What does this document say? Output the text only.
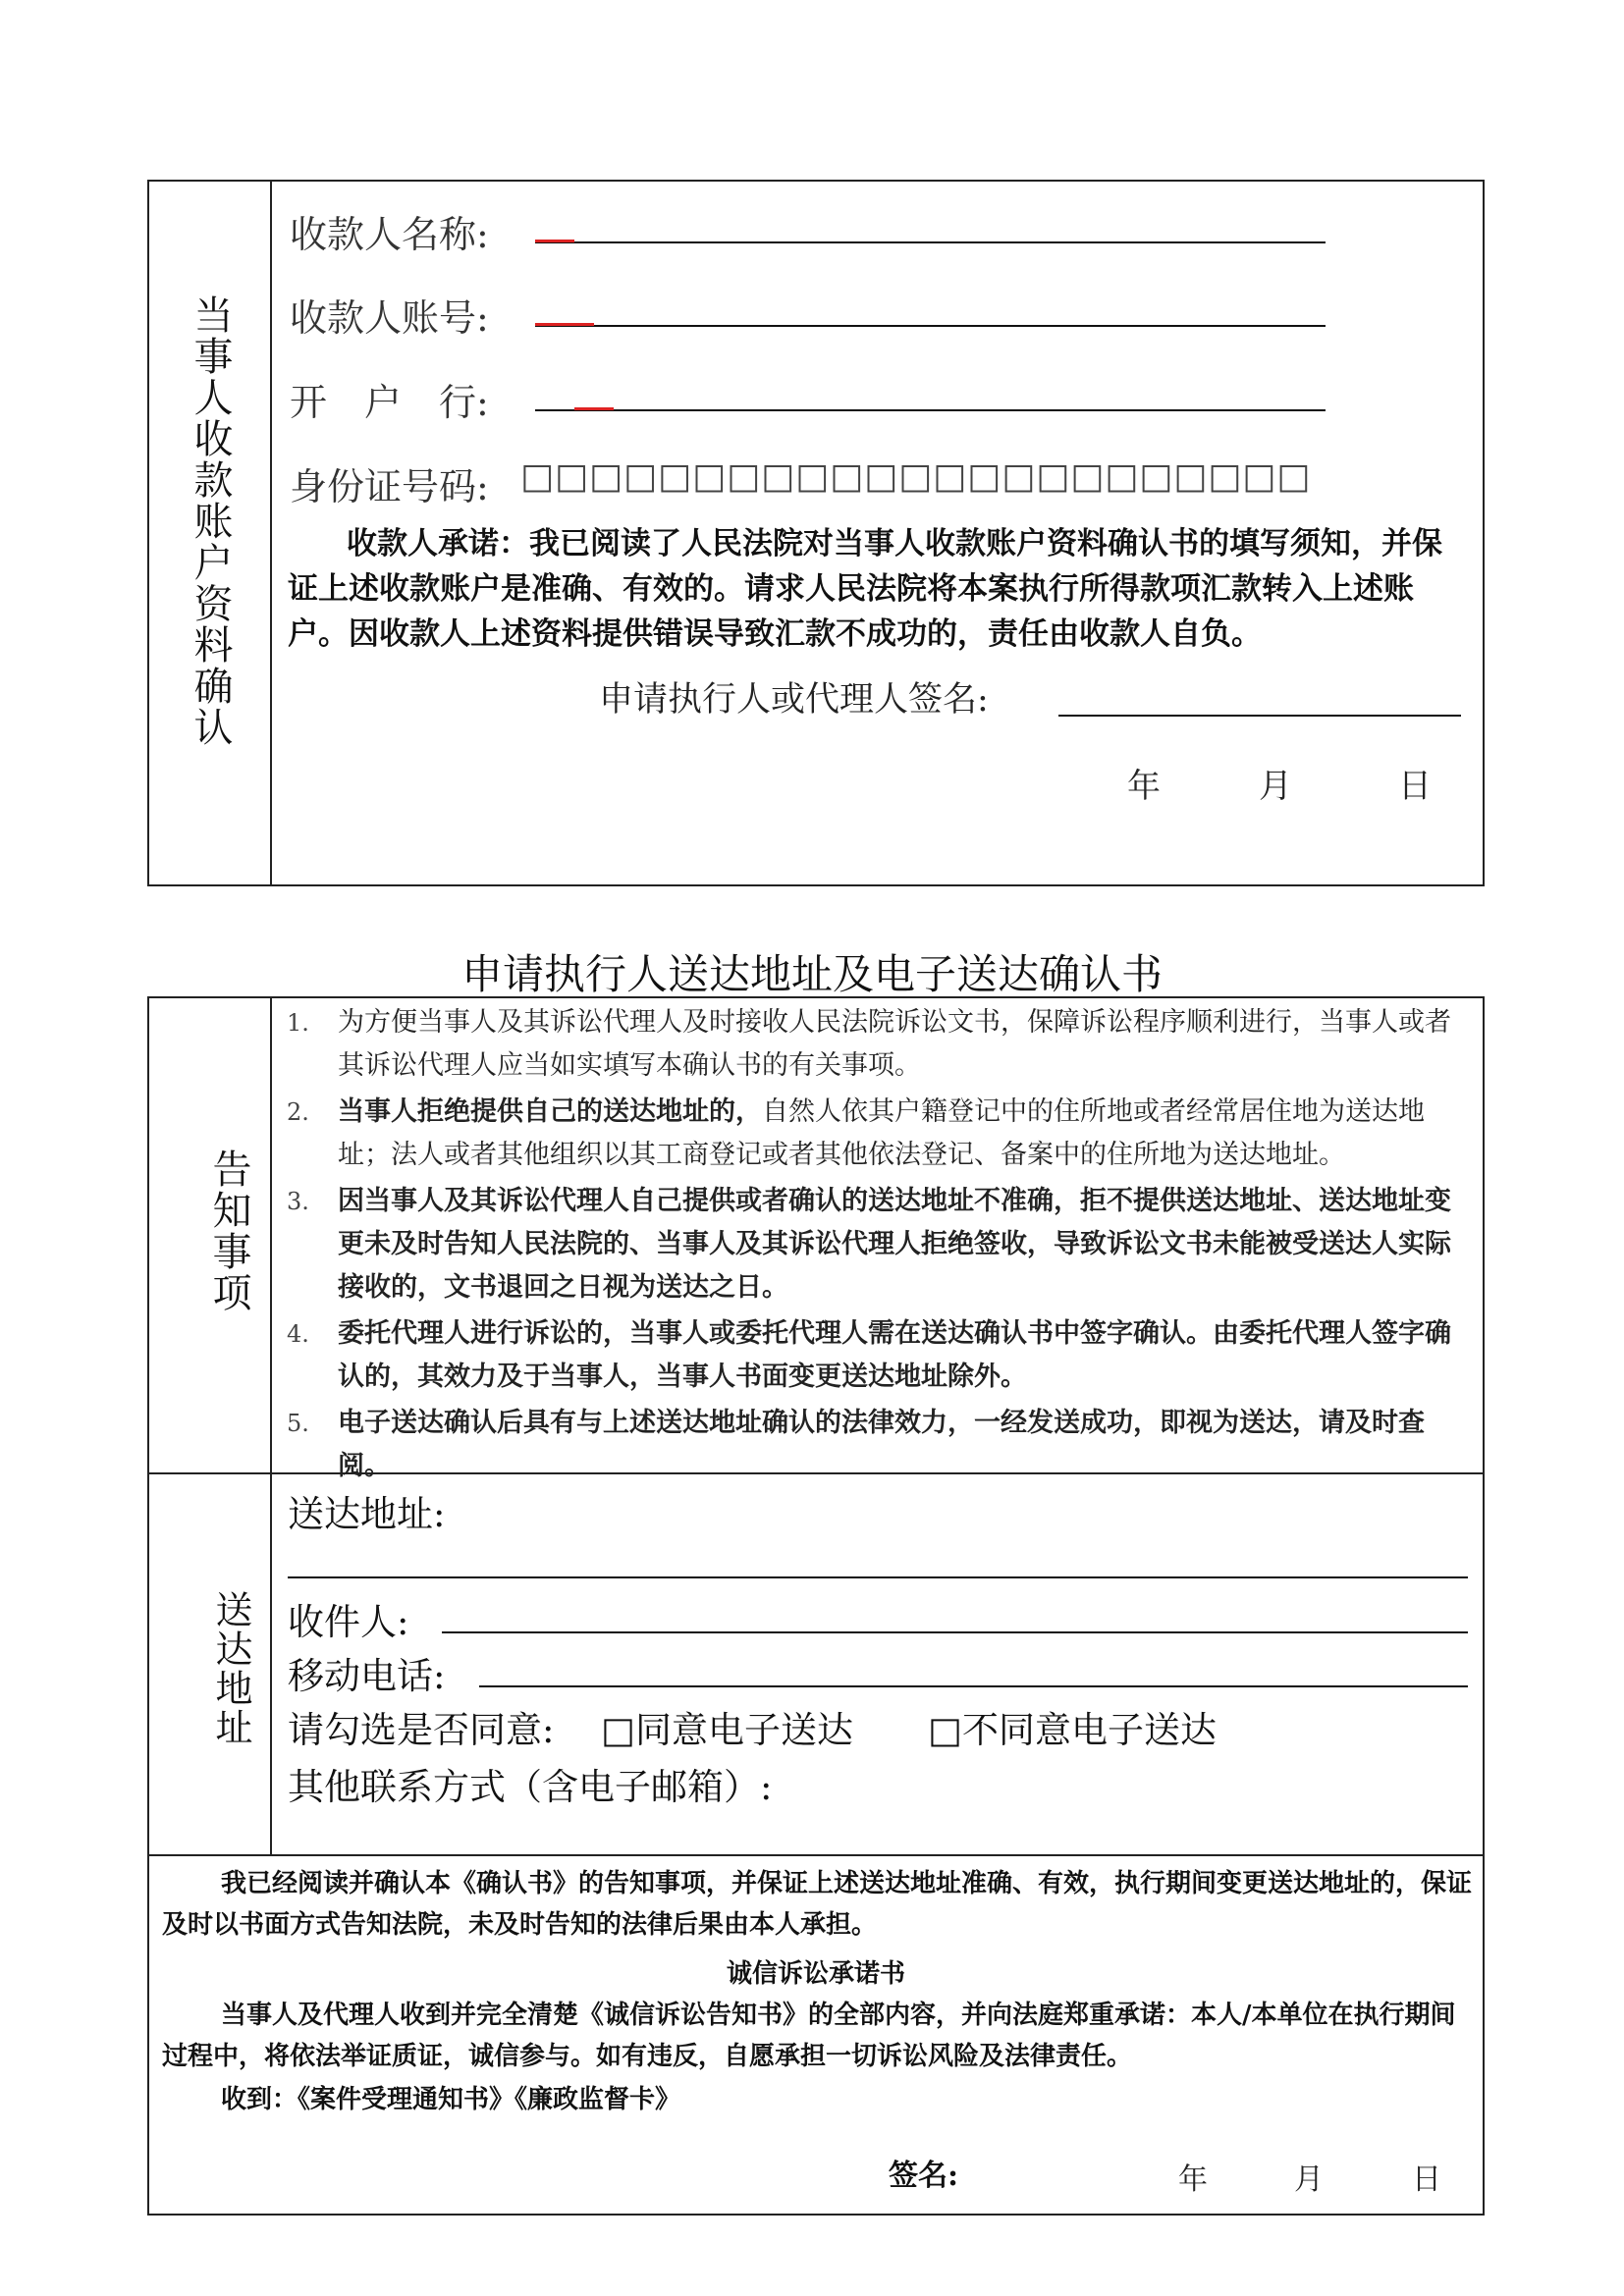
当事人收款账户资料确认
收款人名称:
收款人账号:
开　户　行:
身份证号码: □□□□□□□□□□□□□□□□□□□□□□□
收款人承诺：我已阅读了人民法院对当事人收款账户资料确认书的填写须知，并保证上述收款账户是准确、有效的。请求人民法院将本案执行所得款项汇款转入上述账户。因收款人上述资料提供错误导致汇款不成功的，责任由收款人自负。
申请执行人或代理人签名:
年	月	日
申请执行人送达地址及电子送达确认书
告知事项
1. 为方便当事人及其诉讼代理人及时接收人民法院诉讼文书，保障诉讼程序顺利进行，当事人或者其诉讼代理人应当如实填写本确认书的有关事项。
2. 当事人拒绝提供自己的送达地址的，自然人依其户籍登记中的住所地或者经常居住地为送达地址；法人或者其他组织以其工商登记或者其他依法登记、备案中的住所地为送达地址。
3. 因当事人及其诉讼代理人自己提供或者确认的送达地址不准确，拒不提供送达地址、送达地址变更未及时告知人民法院的、当事人及其诉讼代理人拒绝签收，导致诉讼文书未能被受送达人实际接收的，文书退回之日视为送达之日。
4. 委托代理人进行诉讼的，当事人或委托代理人需在送达确认书中签字确认。由委托代理人签字确认的，其效力及于当事人，当事人书面变更送达地址除外。
5. 电子送达确认后具有与上述送达地址确认的法律效力，一经发送成功，即视为送达，请及时查阅。
送达地址
送达地址:
收件人:
移动电话:
请勾选是否同意: □同意电子送达 □不同意电子送达
其他联系方式（含电子邮箱）:
我已经阅读并确认本《确认书》的告知事项，并保证上述送达地址准确、有效，执行期间变更送达地址的，保证及时以书面方式告知法院，未及时告知的法律后果由本人承担。
诚信诉讼承诺书
当事人及代理人收到并完全清楚《诚信诉讼告知书》的全部内容，并向法庭郑重承诺：本人/本单位在执行期间过程中，将依法举证质证，诚信参与。如有违反，自愿承担一切诉讼风险及法律责任。
收到：《案件受理通知书》《廉政监督卡》
签名:	年	月	日
